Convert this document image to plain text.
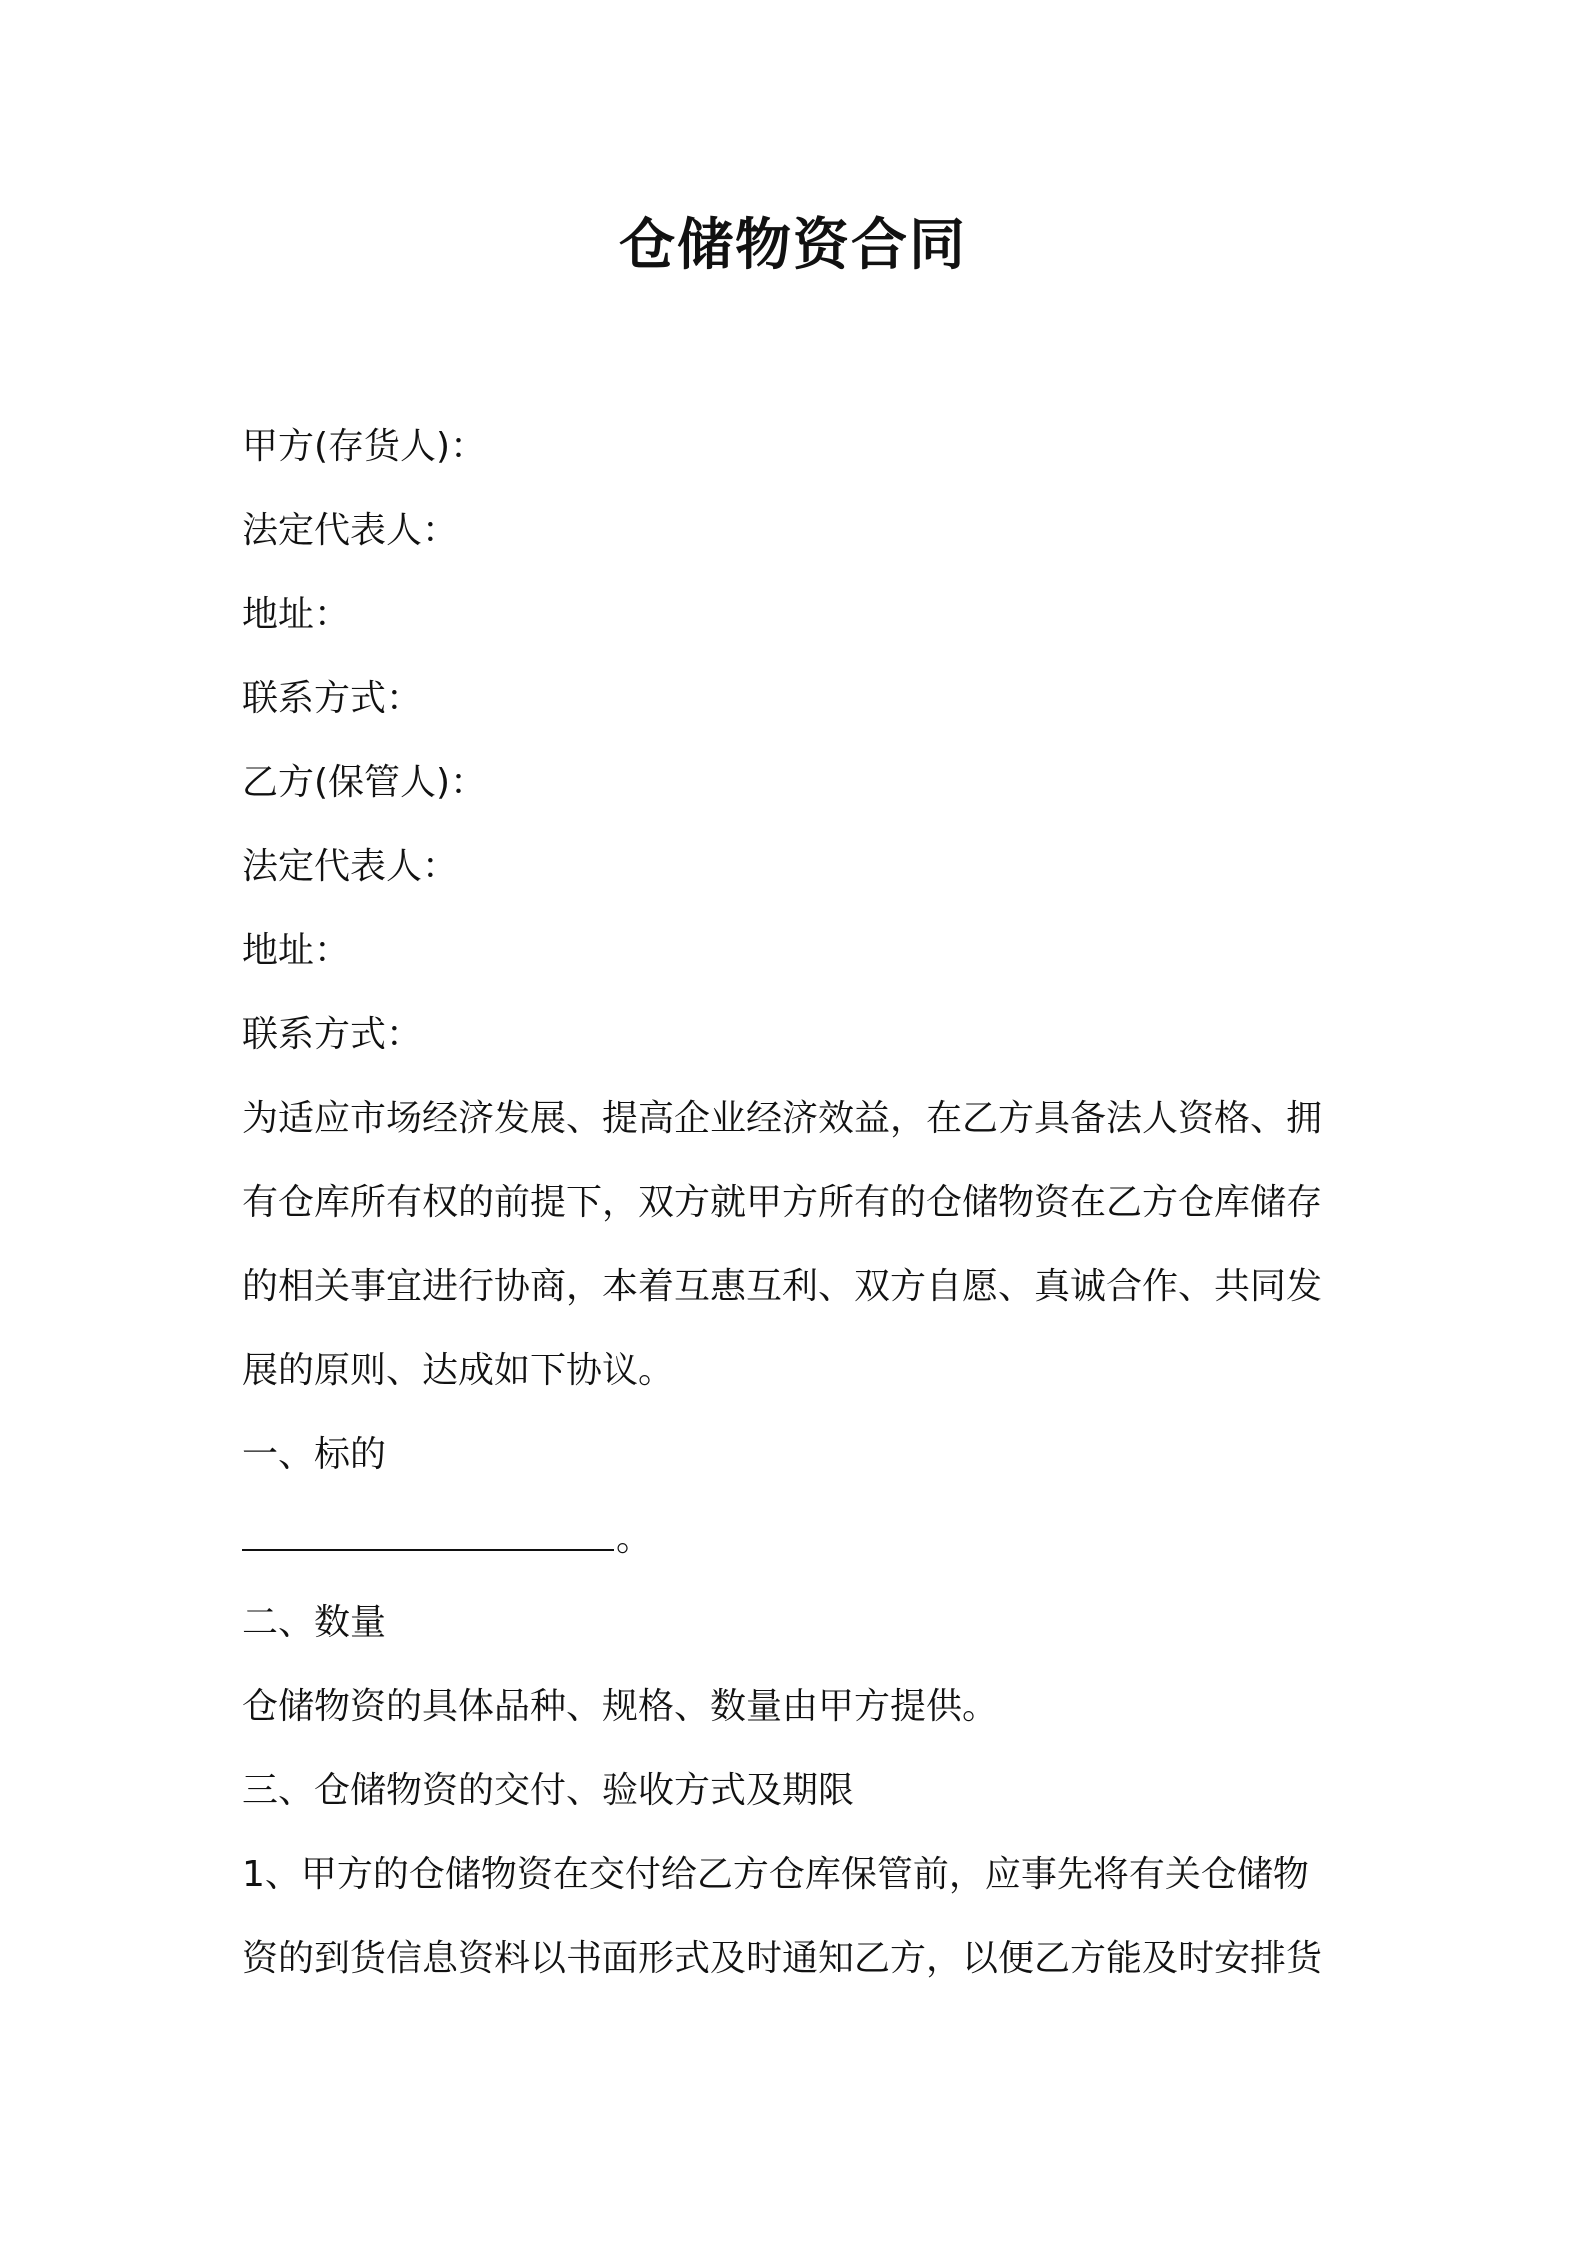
仓储物资合同
甲方(存货人)：
法定代表人：
地址：
联系方式：
乙方(保管人)：
法定代表人：
地址：
联系方式：
为适应市场经济发展、提高企业经济效益，在乙方具备法人资格、拥
有仓库所有权的前提下，双方就甲方所有的仓储物资在乙方仓库储存
的相关事宜进行协商，本着互惠互利、双方自愿、真诚合作、共同发
展的原则、达成如下协议。
一、标的
。
二、数量
仓储物资的具体品种、规格、数量由甲方提供。
三、仓储物资的交付、验收方式及期限
1、甲方的仓储物资在交付给乙方仓库保管前，应事先将有关仓储物
资的到货信息资料以书面形式及时通知乙方，以便乙方能及时安排货
